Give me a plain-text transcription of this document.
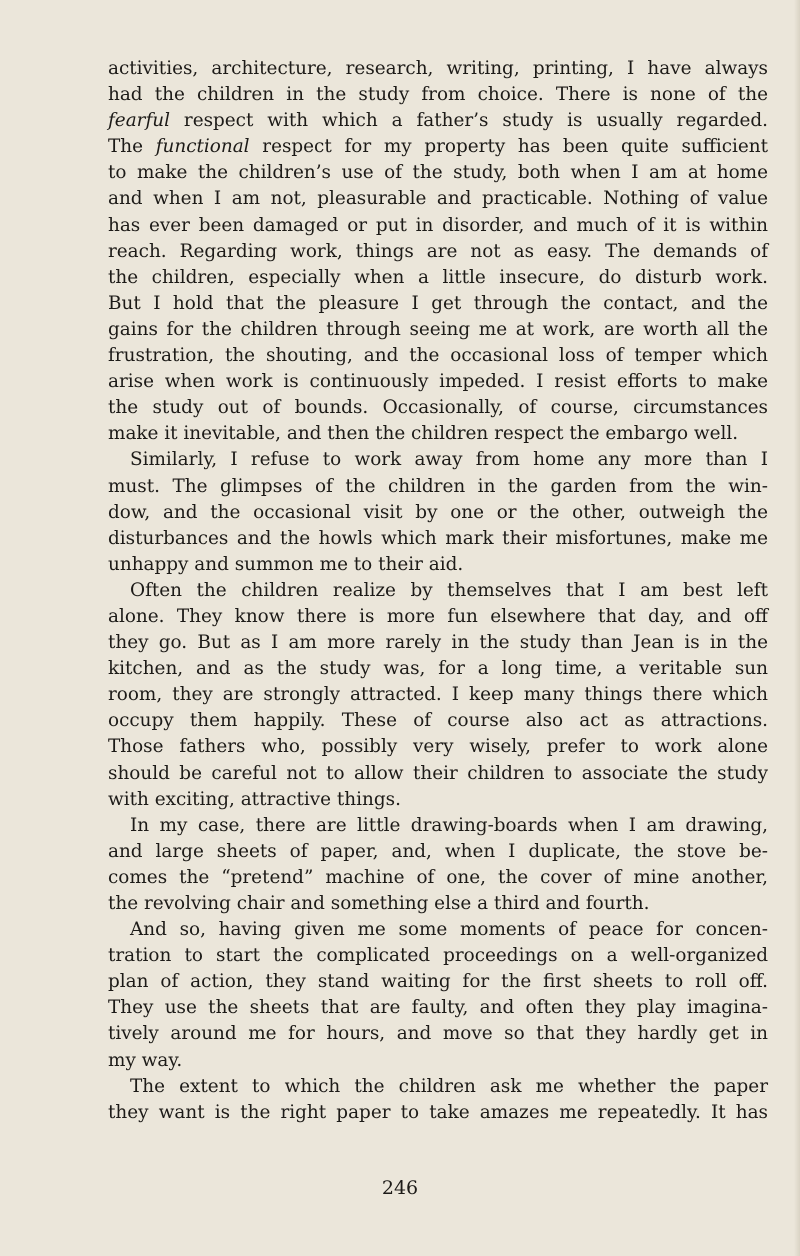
activities, architecture, research, writing, printing, I have always
had the children in the study from choice. There is none of the
fearful respect with which a father’s study is usually regarded.
The functional respect for my property has been quite sufficient
to make the children’s use of the study, both when I am at home
and when I am not, pleasurable and practicable. Nothing of value
has ever been damaged or put in disorder, and much of it is within
reach. Regarding work, things are not as easy. The demands of
the children, especially when a little insecure, do disturb work.
But I hold that the pleasure I get through the contact, and the
gains for the children through seeing me at work, are worth all the
frustration, the shouting, and the occasional loss of temper which
arise when work is continuously impeded. I resist efforts to make
the study out of bounds. Occasionally, of course, circumstances
make it inevitable, and then the children respect the embargo well.
Similarly, I refuse to work away from home any more than I
must. The glimpses of the children in the garden from the win-
dow, and the occasional visit by one or the other, outweigh the
disturbances and the howls which mark their misfortunes, make me
unhappy and summon me to their aid.
Often the children realize by themselves that I am best left
alone. They know there is more fun elsewhere that day, and off
they go. But as I am more rarely in the study than Jean is in the
kitchen, and as the study was, for a long time, a veritable sun
room, they are strongly attracted. I keep many things there which
occupy them happily. These of course also act as attractions.
Those fathers who, possibly very wisely, prefer to work alone
should be careful not to allow their children to associate the study
with exciting, attractive things.
In my case, there are little drawing-boards when I am drawing,
and large sheets of paper, and, when I duplicate, the stove be-
comes the “pretend” machine of one, the cover of mine another,
the revolving chair and something else a third and fourth.
And so, having given me some moments of peace for concen-
tration to start the complicated proceedings on a well-organized
plan of action, they stand waiting for the first sheets to roll off.
They use the sheets that are faulty, and often they play imagina-
tively around me for hours, and move so that they hardly get in
my way.
The extent to which the children ask me whether the paper
they want is the right paper to take amazes me repeatedly. It has
246
